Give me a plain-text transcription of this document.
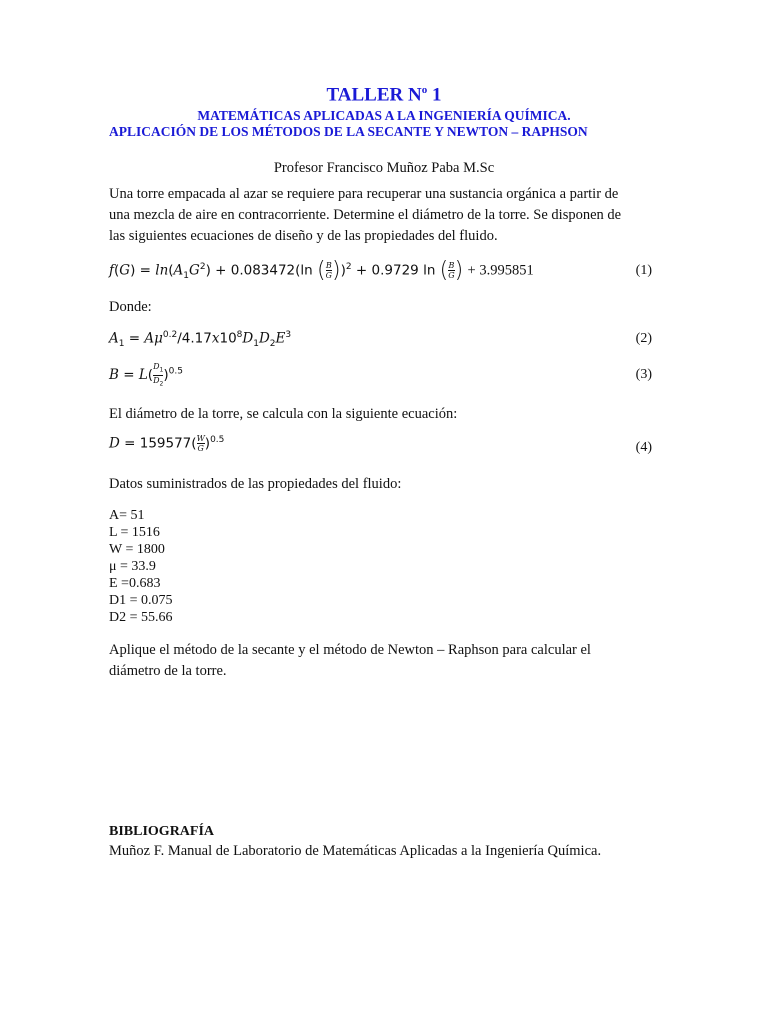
TALLER $N^o$ 1
MATEMÁTICAS APLICADAS A LA INGENIERÍA QUÍMICA.
APLICACIÓN DE LOS MÉTODOS DE LA SECANTE Y NEWTON – RAPHSON
Profesor Francisco Muñoz Paba M.Sc
Una torre empacada al azar se requiere para recuperar una sustancia orgánica a partir de una mezcla de aire en contracorriente. Determine el diámetro de la torre. Se disponen de las siguientes ecuaciones de diseño y de las propiedades del fluido.
$f(G) = \ln(A_1G^2) + 0.083472(\ln$ ( $\frac{B}{G} ))^2 + 0.9729$ ln ( $\frac{B}{G}$ ) + 3.995851	(1)
Donde:
$A_1 = A\mu^{0.2}/4.17x10^8D_1D_2E^3$	(2)
$B = L( \frac{D_1}{D_2} )^{0.5}$	(3)
El diámetro de la torre, se calcula con la siguiente ecuación:
$D = 159577( \frac{W}{G} )^{0.5}$	(4)
Datos suministrados de las propiedades del fluido:
A= 51
L = 1516
W = 1800
μ = 33.9
E =0.683
D1 = 0.075
D2 = 55.66
Aplique el método de la secante y el método de Newton – Raphson para calcular el diámetro de la torre.
BIBLIOGRAFÍA
Muñoz F. Manual de Laboratorio de Matemáticas Aplicadas a la Ingeniería Química.
